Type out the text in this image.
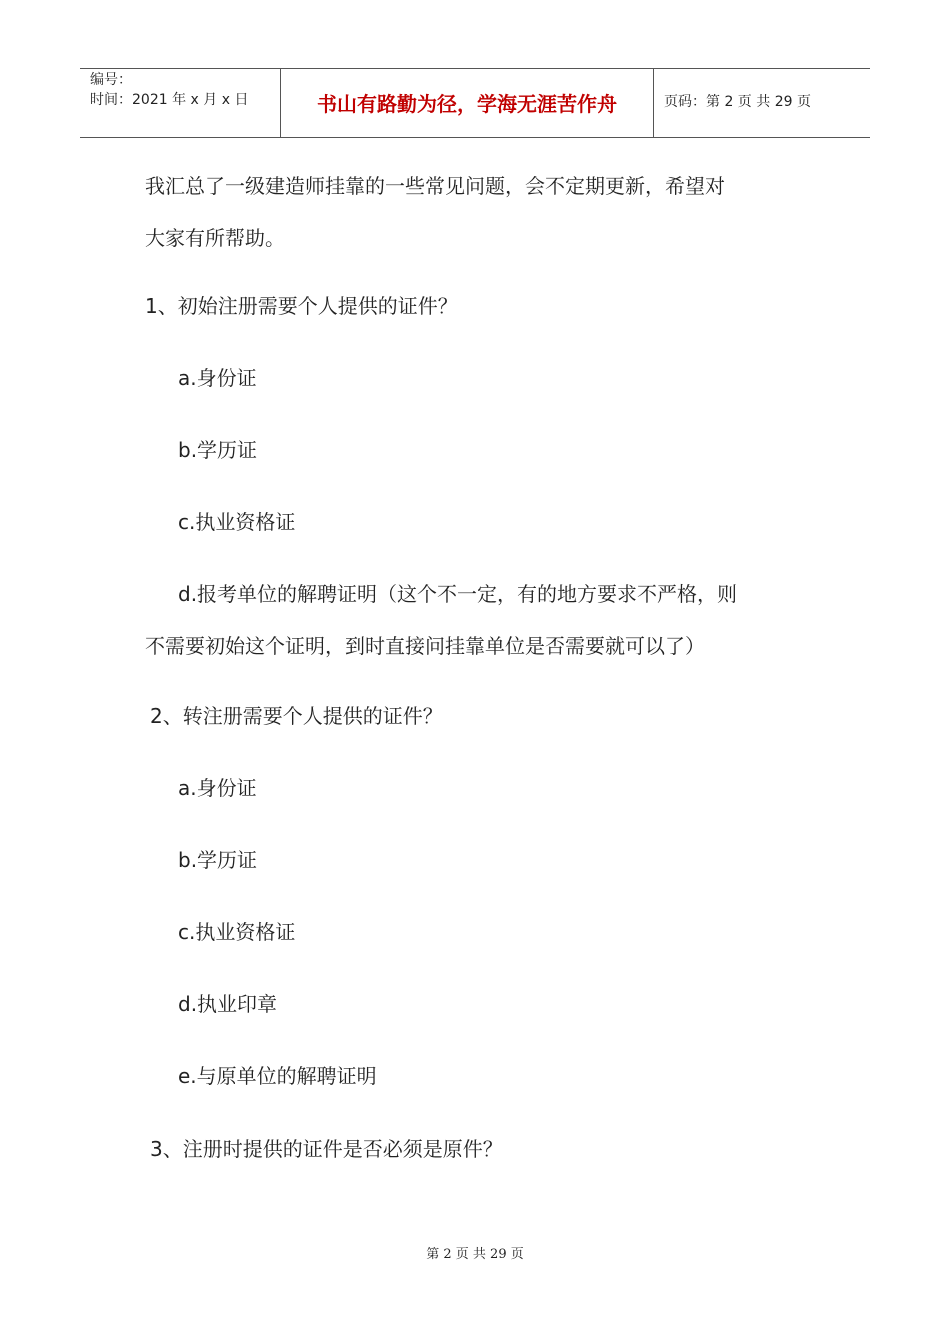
编号：
时间：2021 年 x 月 x 日	书山有路勤为径，学海无涯苦作舟	页码：第 2 页 共 29 页
我汇总了一级建造师挂靠的一些常见问题，会不定期更新，希望对
大家有所帮助。
1、初始注册需要个人提供的证件？
a.身份证
b.学历证
c.执业资格证
d.报考单位的解聘证明（这个不一定，有的地方要求不严格，则
不需要初始这个证明，到时直接问挂靠单位是否需要就可以了）
2、转注册需要个人提供的证件？
a.身份证
b.学历证
c.执业资格证
d.执业印章
e.与原单位的解聘证明
3、注册时提供的证件是否必须是原件？
第 2 页 共 29 页
